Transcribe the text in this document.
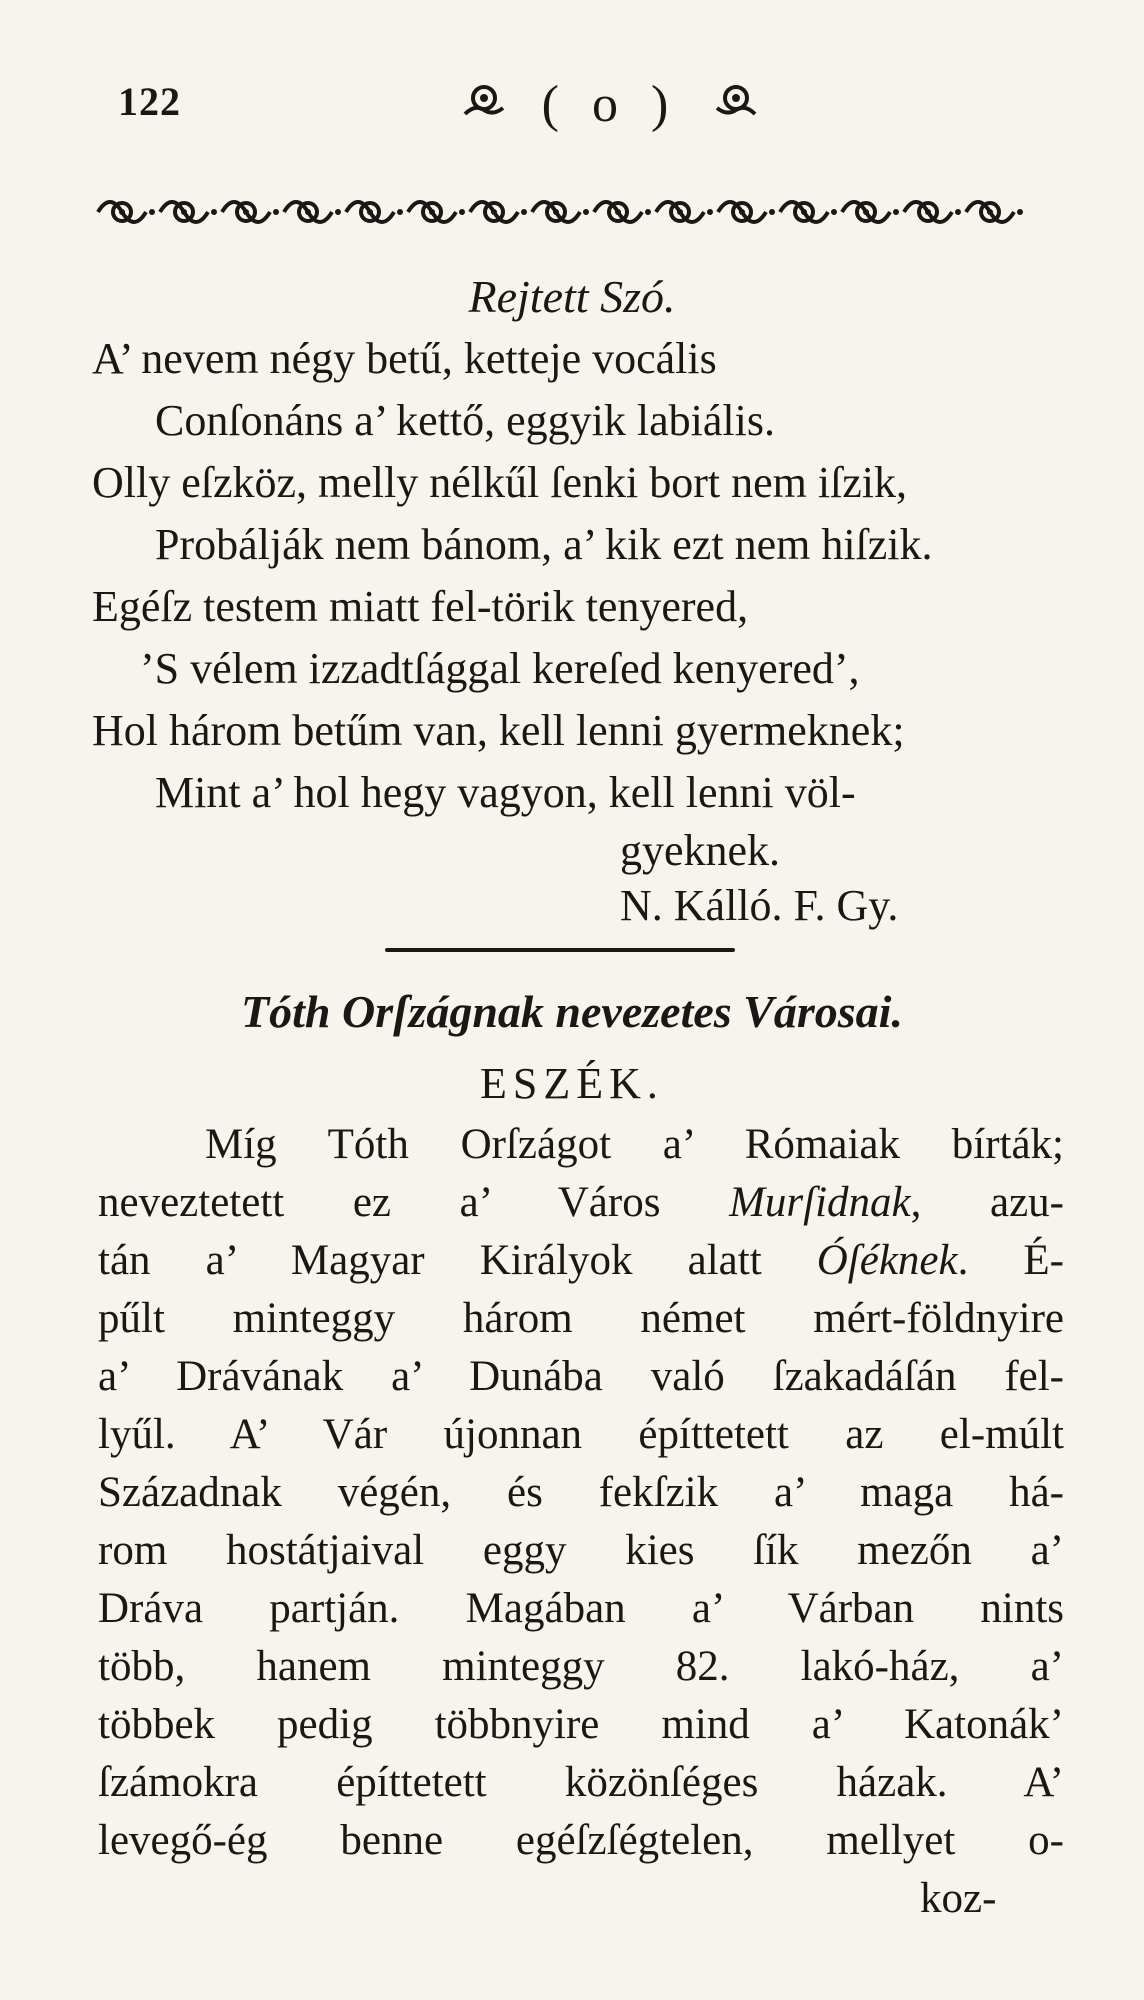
122	( o )
Rejtett Szó.
A’ nevem négy betű, ketteje vocális
Conſonáns a’ kettő, eggyik labiális.
Olly eſzköz, melly nélkűl ſenki bort nem iſzik,
Probálják nem bánom, a’ kik ezt nem hiſzik.
Egéſz testem miatt fel-törik tenyered,
’S vélem izzadtſággal kereſed kenyered’,
Hol három betűm van, kell lenni gyermeknek;
Mint a’ hol hegy vagyon, kell lenni völ-
gyeknek.
N. Kálló. F. Gy.
Tóth Orſzágnak nevezetes Városai.
ESZÉK.
Míg Tóth Orſzágot a’ Rómaiak bírták;
neveztetett ez a’ Város Murſidnak, azu-
tán a’ Magyar Királyok alatt Óſéknek. É-
pűlt minteggy három német mért-földnyire
a’ Drávának a’ Dunába való ſzakadáſán fel-
lyűl. A’ Vár újonnan építtetett az el-múlt
Századnak végén, és fekſzik a’ maga há-
rom hostátjaival eggy kies ſík mezőn a’
Dráva partján. Magában a’ Várban nints
több, hanem minteggy 82. lakó-ház, a’
többek pedig többnyire mind a’ Katonák’
ſzámokra építtetett közönſéges házak. A’
levegő-ég benne egéſzſégtelen, mellyet o-
koz-
